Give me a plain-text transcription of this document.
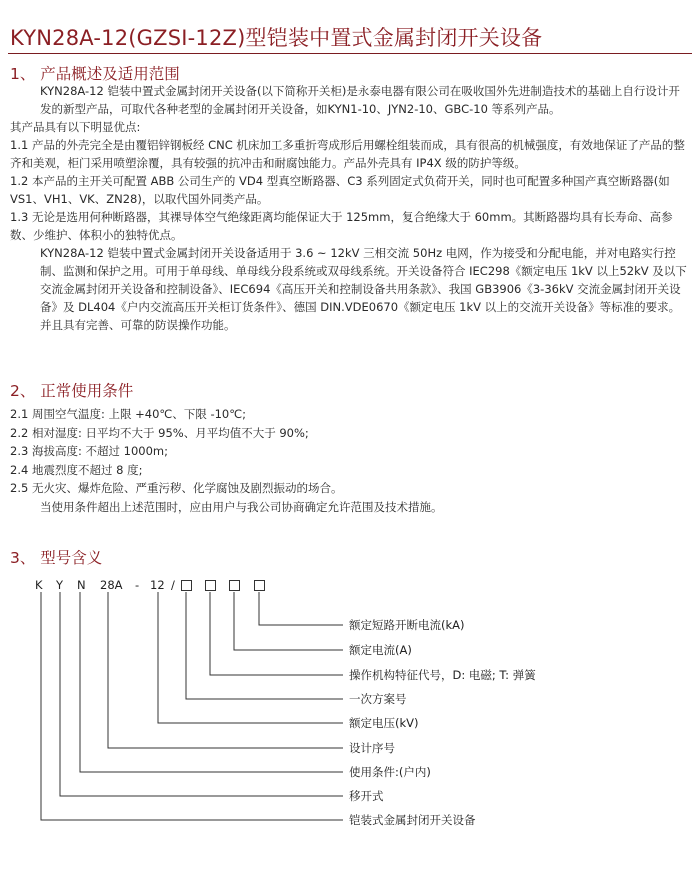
KYN28A-12(GZSI-12Z)型铠装中置式金属封闭开关设备
1、 产品概述及适用范围

KYN28A-12 铠装中置式金属封闭开关设备(以下简称开关柜)是永泰电器有限公司在吸收国外先进制造技术的基础上自行设计开发的新型产品，可取代各种老型的金属封闭开关设备，如KYN1-10、JYN2-10、GBC-10 等系列产品。

其产品具有以下明显优点:

1.1 产品的外壳完全是由覆铝锌钢板经 CNC 机床加工多重折弯成形后用螺栓组装而成，具有很高的机械强度，有效地保证了产品的整齐和美观，柜门采用喷塑涂覆，具有较强的抗冲击和耐腐蚀能力。产品外壳具有 IP4X 级的防护等级。

1.2 本产品的主开关可配置 ABB 公司生产的 VD4 型真空断路器、C3 系列固定式负荷开关，同时也可配置多种国产真空断路器(如 VS1、VH1、VK、ZN28)，以取代国外同类产品。

1.3 无论是选用何种断路器，其裸导体空气绝缘距离均能保证大于 125mm，复合绝缘大于 60mm。其断路器均具有长寿命、高参数、少维护、体积小的独特优点。

KYN28A-12 铠装中置式金属封闭开关设备适用于 3.6 ~ 12kV 三相交流 50Hz 电网，作为接受和分配电能，并对电路实行控制、监测和保护之用。可用于单母线、单母线分段系统或双母线系统。开关设备符合 IEC298《额定电压 1kV 以上52kV 及以下交流金属封闭开关设备和控制设备》、IEC694《高压开关和控制设备共用条款》、我国 GB3906《3-36kV 交流金属封闭开关设备》及 DL404《户内交流高压开关柜订货条件》、德国 DIN.VDE0670《额定电压 1kV 以上的交流开关设备》等标准的要求。并且具有完善、可靠的防误操作功能。

2、 正常使用条件

2.1 周围空气温度: 上限 +40℃、下限 -10℃;

2.2 相对湿度: 日平均不大于 95%、月平均值不大于 90%;

2.3 海拔高度: 不超过 1000m;

2.4 地震烈度不超过 8 度;

2.5 无火灾、爆炸危险、严重污秽、化学腐蚀及剧烈振动的场合。

当使用条件超出上述范围时，应由用户与我公司协商确定允许范围及技术措施。

3、 型号含义
K Y N 28A - 12 /
额定短路开断电流(kA)
额定电流(A)
操作机构特征代号，D: 电磁; T: 弹簧
一次方案号
额定电压(kV)
设计序号
使用条件:(户内)
移开式
铠装式金属封闭开关设备
